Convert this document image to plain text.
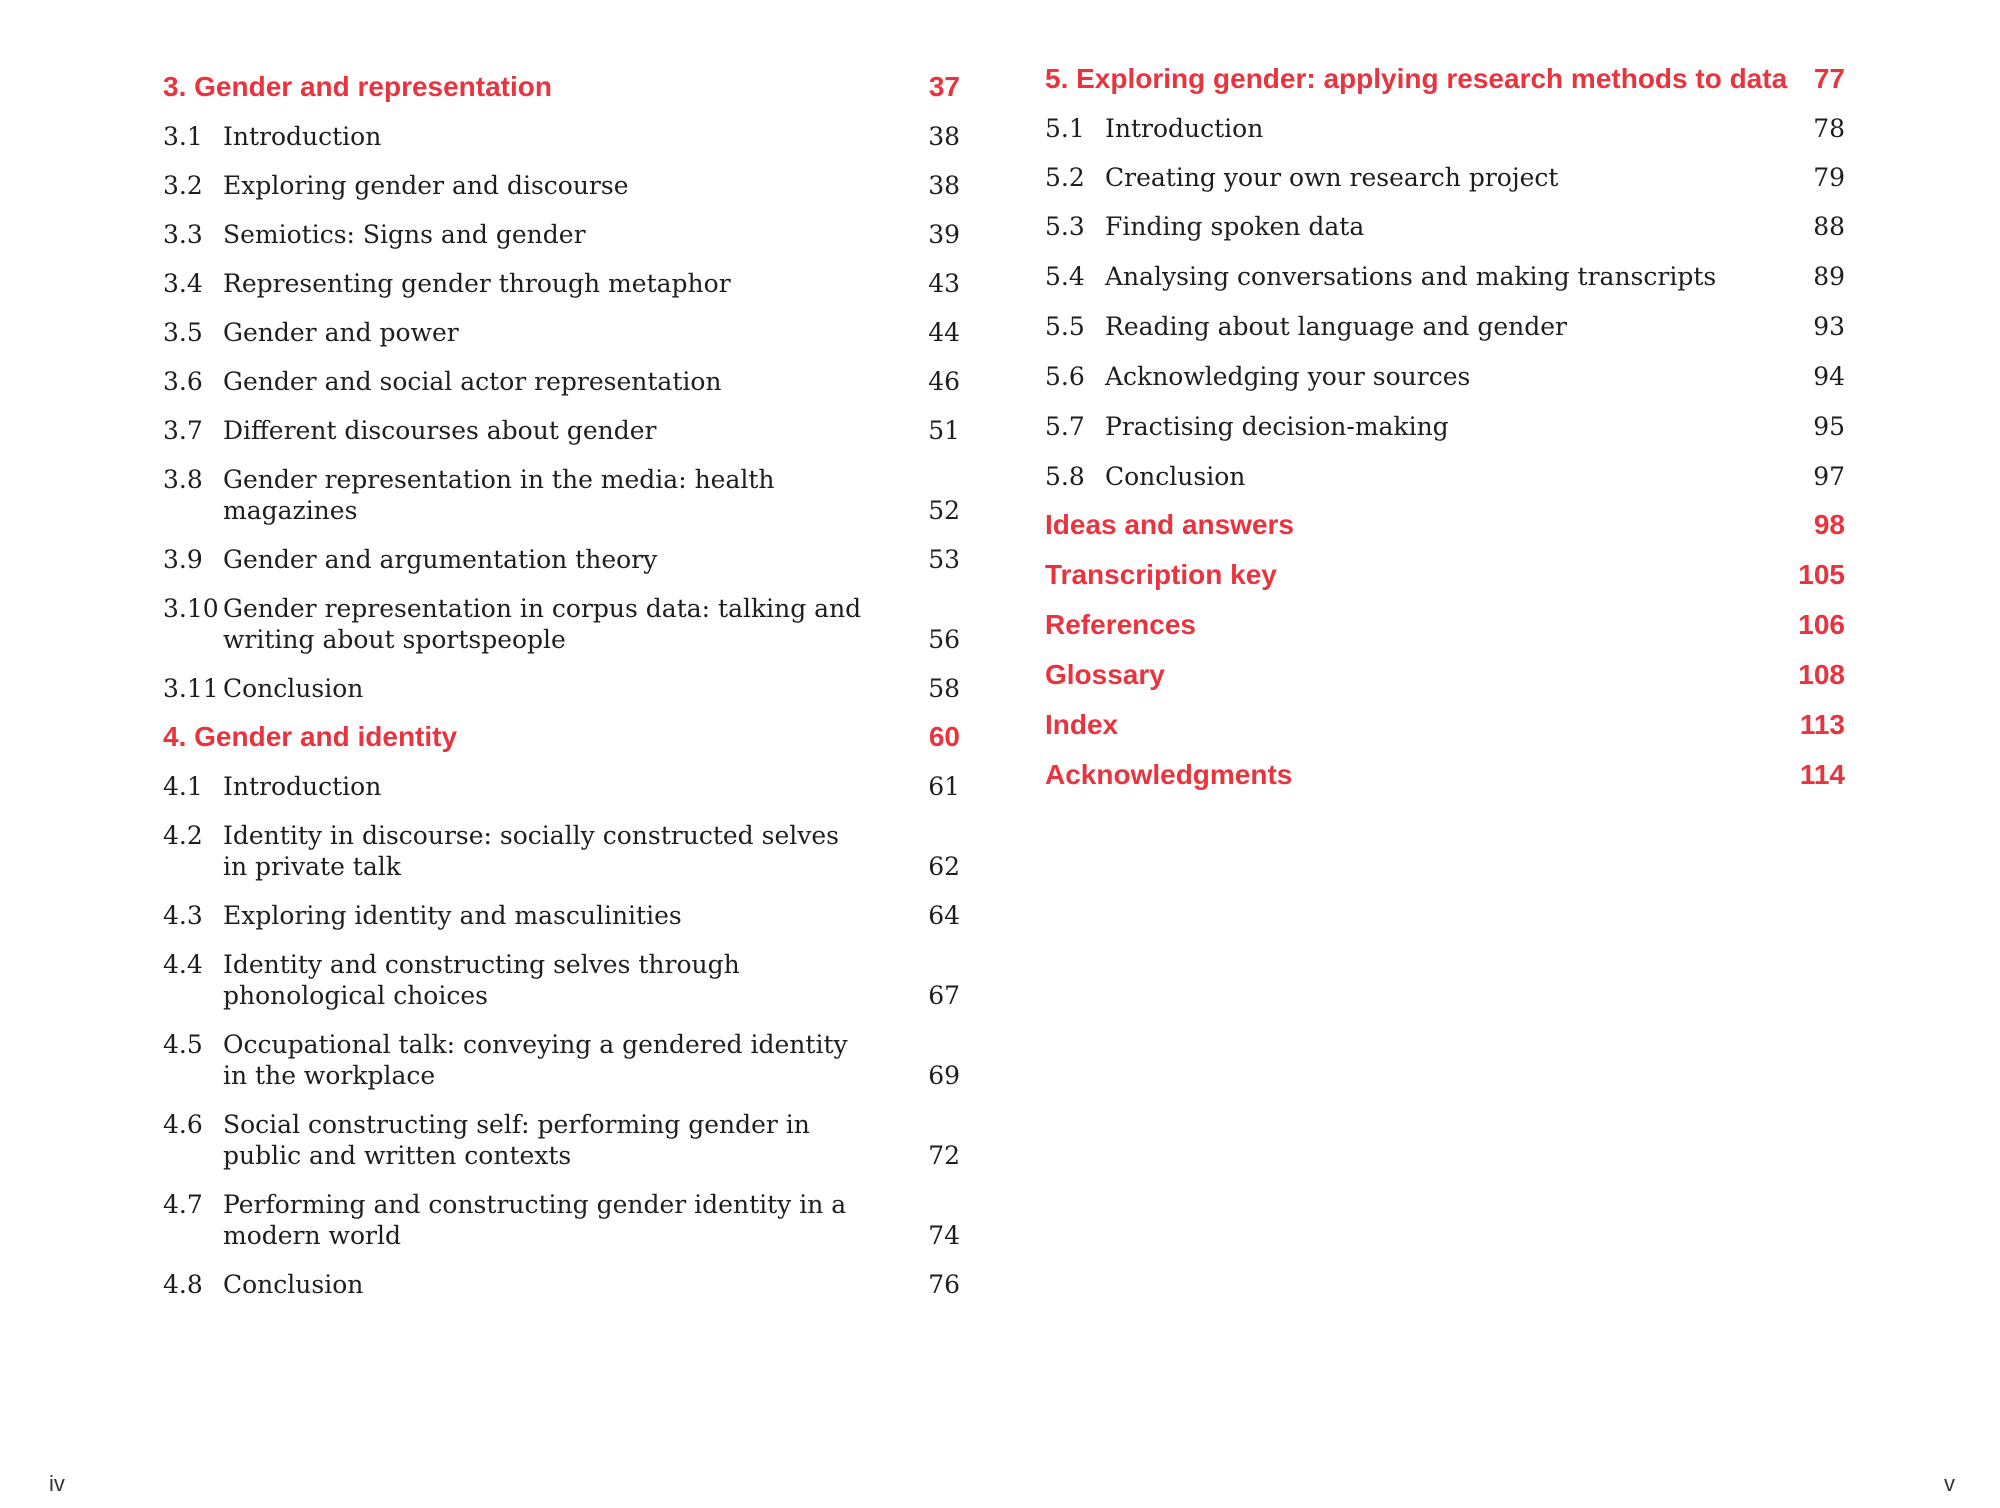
3. Gender and representation	37
3.1 Introduction	38
3.2 Exploring gender and discourse	38
3.3 Semiotics: Signs and gender	39
3.4 Representing gender through metaphor	43
3.5 Gender and power	44
3.6 Gender and social actor representation	46
3.7 Different discourses about gender	51
3.8 Gender representation in the media: health magazines	52
3.9 Gender and argumentation theory	53
3.10 Gender representation in corpus data: talking and writing about sportspeople	56
3.11 Conclusion	58
4. Gender and identity	60
4.1 Introduction	61
4.2 Identity in discourse: socially constructed selves in private talk	62
4.3 Exploring identity and masculinities	64
4.4 Identity and constructing selves through phonological choices	67
4.5 Occupational talk: conveying a gendered identity in the workplace	69
4.6 Social constructing self: performing gender in public and written contexts	72
4.7 Performing and constructing gender identity in a modern world	74
4.8 Conclusion	76
5. Exploring gender: applying research methods to data 77
5.1 Introduction	78
5.2 Creating your own research project	79
5.3 Finding spoken data	88
5.4 Analysing conversations and making transcripts	89
5.5 Reading about language and gender	93
5.6 Acknowledging your sources	94
5.7 Practising decision-making	95
5.8 Conclusion	97
Ideas and answers	98
Transcription key	105
References	106
Glossary	108
Index	113
Acknowledgments	114
iv	v
